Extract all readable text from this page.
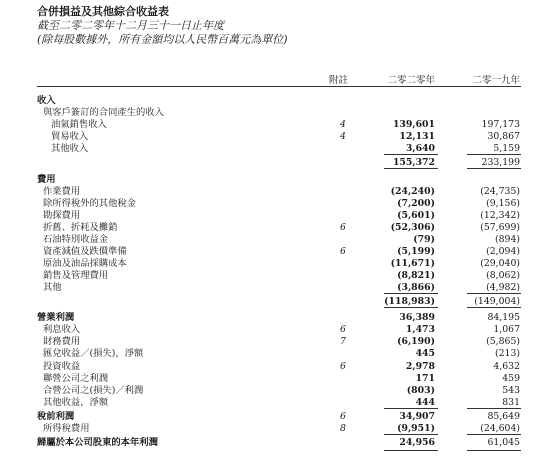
合併損益及其他綜合收益表
截至二零二零年十二月三十一日止年度
(除每股數據外，所有金額均以人民幣百萬元為單位)
附註	二零二零年	二零一九年
收入
與客戶簽訂的合同產生的收入
油氣銷售收入	4	139,601	197,173
貿易收入	4	12,131	30,867
其他收入	3,640	5,159
155,372	233,199
費用
作業費用	(24,240)	(24,735)
除所得稅外的其他稅金	(7,200)	(9,156)
勘探費用	(5,601)	(12,342)
折舊、折耗及攤銷	6	(52,306)	(57,699)
石油特別收益金	(79)	(894)
資產減值及跌價準備	6	(5,199)	(2,094)
原油及油品採購成本	(11,671)	(29,040)
銷售及管理費用	(8,821)	(8,062)
其他	(3,866)	(4,982)
(118,983)	(149,004)
營業利潤	36,389	84,195
利息收入	6	1,473	1,067
財務費用	7	(6,190)	(5,865)
匯兌收益／(損失)，淨額	445	(213)
投資收益	6	2,978	4,632
聯營公司之利潤	171	459
合營公司之(損失)／利潤	(803)	543
其他收益，淨額	444	831
稅前利潤	6	34,907	85,649
所得稅費用	8	(9,951)	(24,604)
歸屬於本公司股東的本年利潤	24,956	61,045
